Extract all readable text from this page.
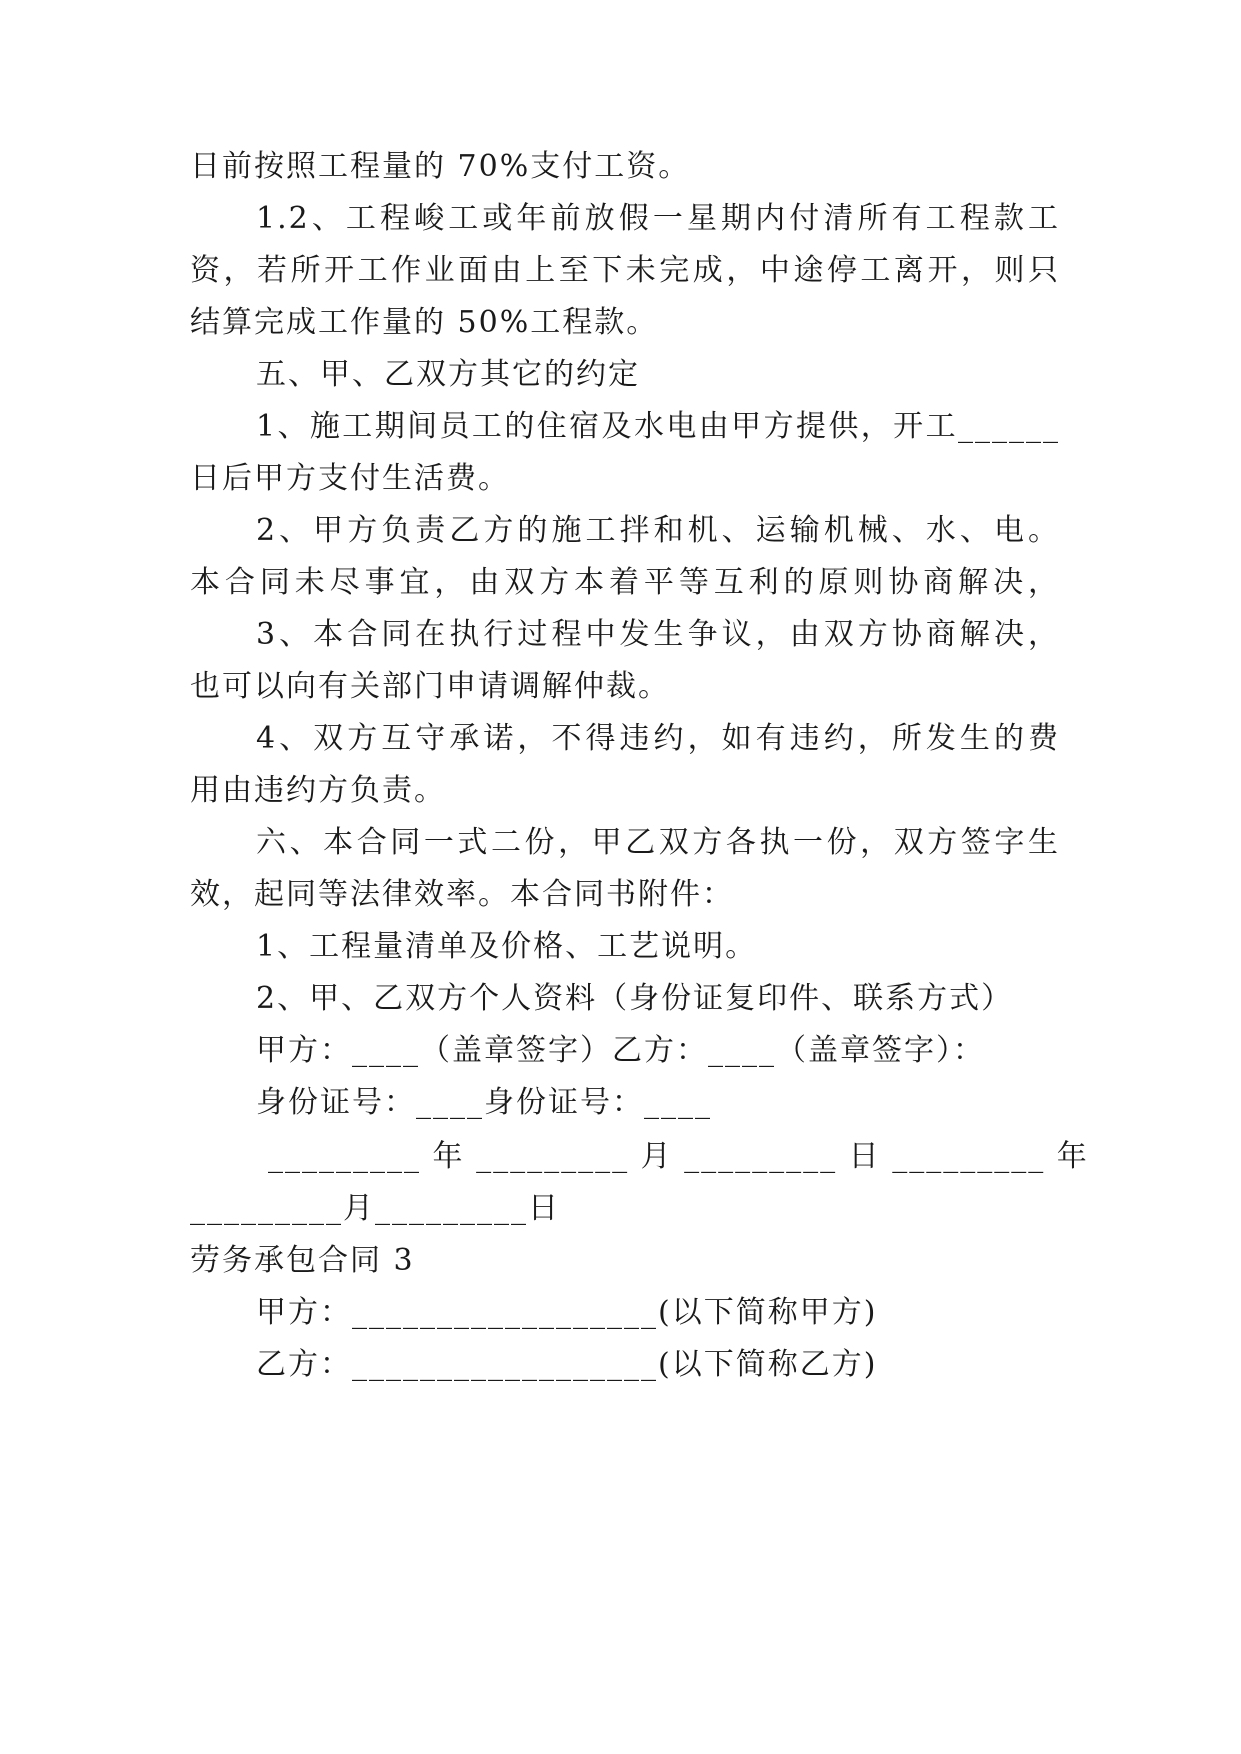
日前按照工程量的 70%支付工资。
1.2、工程峻工或年前放假一星期内付清所有工程款工
资，若所开工作业面由上至下未完成，中途停工离开，则只
结算完成工作量的 50%工程款。
五、甲、乙双方其它的约定
1、施工期间员工的住宿及水电由甲方提供，开工______
日后甲方支付生活费。
2、甲方负责乙方的施工拌和机、运输机械、水、电。
本合同未尽事宜，由双方本着平等互利的原则协商解决，
3、本合同在执行过程中发生争议，由双方协商解决，
也可以向有关部门申请调解仲裁。
4、双方互守承诺，不得违约，如有违约，所发生的费
用由违约方负责。
六、本合同一式二份，甲乙双方各执一份，双方签字生
效，起同等法律效率。本合同书附件：
1、工程量清单及价格、工艺说明。
2、甲、乙双方个人资料（身份证复印件、联系方式）
甲方：____（盖章签字）乙方：____（盖章签字）：
身份证号：____身份证号：____
_________ 年 _________ 月 _________ 日 _________ 年
_________月_________日
劳务承包合同 3
甲方：__________________(以下简称甲方)
乙方：__________________(以下简称乙方)
